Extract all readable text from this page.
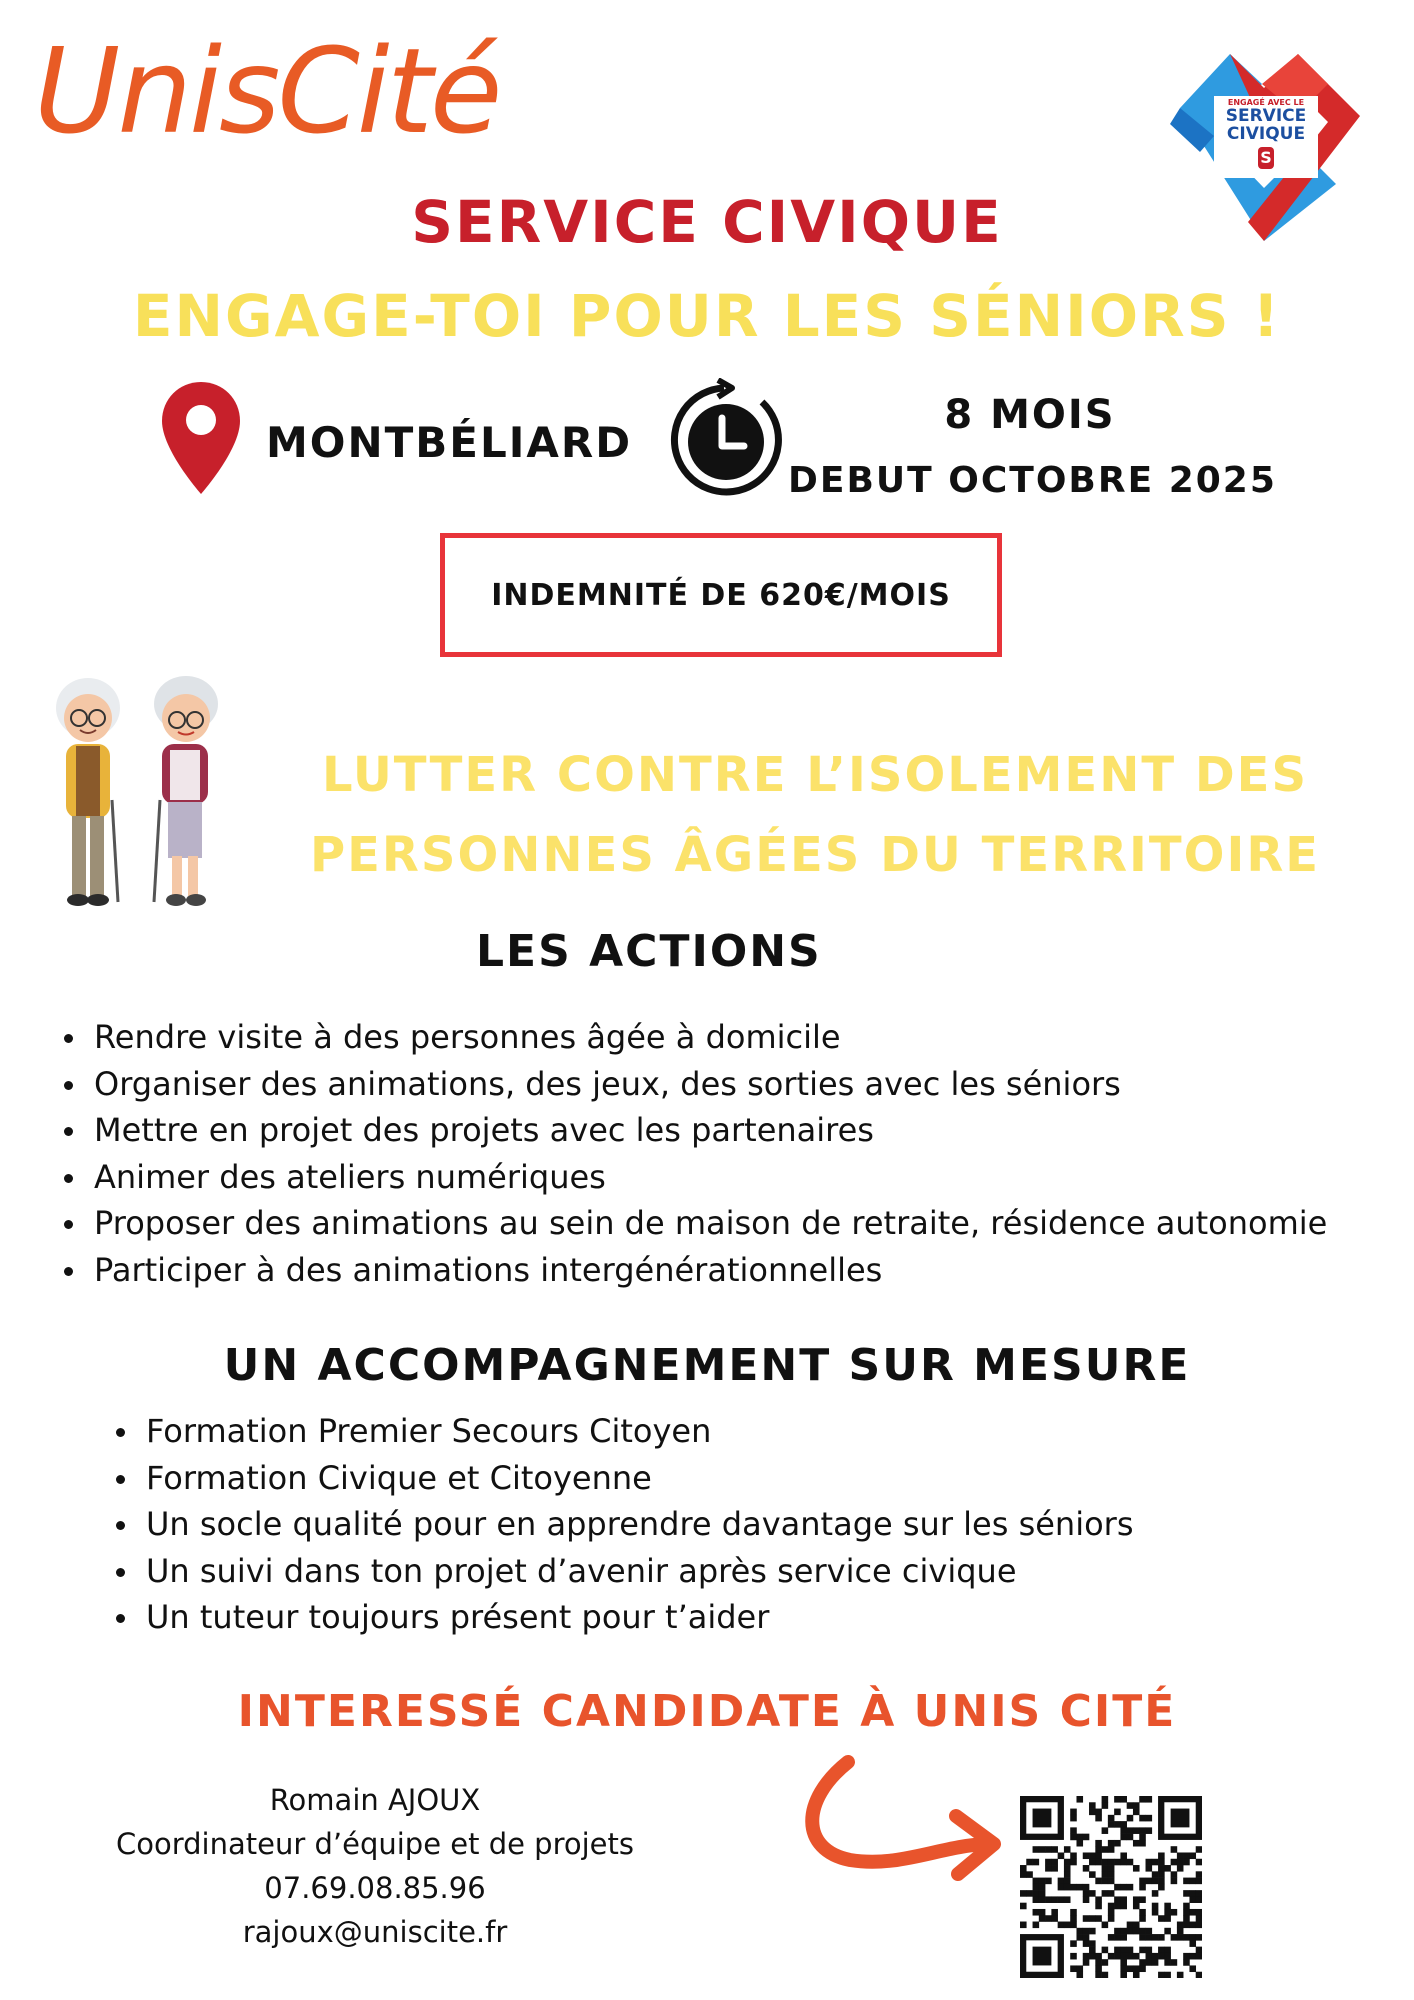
UnisCité	ENGAGÉ AVEC LE
SERVICE
CIVIQUE
S
SERVICE CIVIQUE
ENGAGE-TOI POUR LES SÉNIORS !
MONTBÉLIARD
8 MOIS
DEBUT OCTOBRE 2025
INDEMNITÉ DE 620€/MOIS
LUTTER CONTRE L’ISOLEMENT DES
PERSONNES ÂGÉES DU TERRITOIRE
LES ACTIONS
Rendre visite à des personnes âgée à domicile
Organiser des animations, des jeux, des sorties avec les séniors
Mettre en projet des projets avec les partenaires
Animer des ateliers numériques
Proposer des animations au sein de maison de retraite, résidence autonomie
Participer à des animations intergénérationnelles
UN ACCOMPAGNEMENT SUR MESURE
Formation Premier Secours Citoyen
Formation Civique et Citoyenne
Un socle qualité pour en apprendre davantage sur les séniors
Un suivi dans ton projet d’avenir après service civique
Un tuteur toujours présent pour t’aider
INTERESSÉ CANDIDATE À UNIS CITÉ
Romain AJOUX
Coordinateur d’équipe et de projets
07.69.08.85.96
rajoux@uniscite.fr
